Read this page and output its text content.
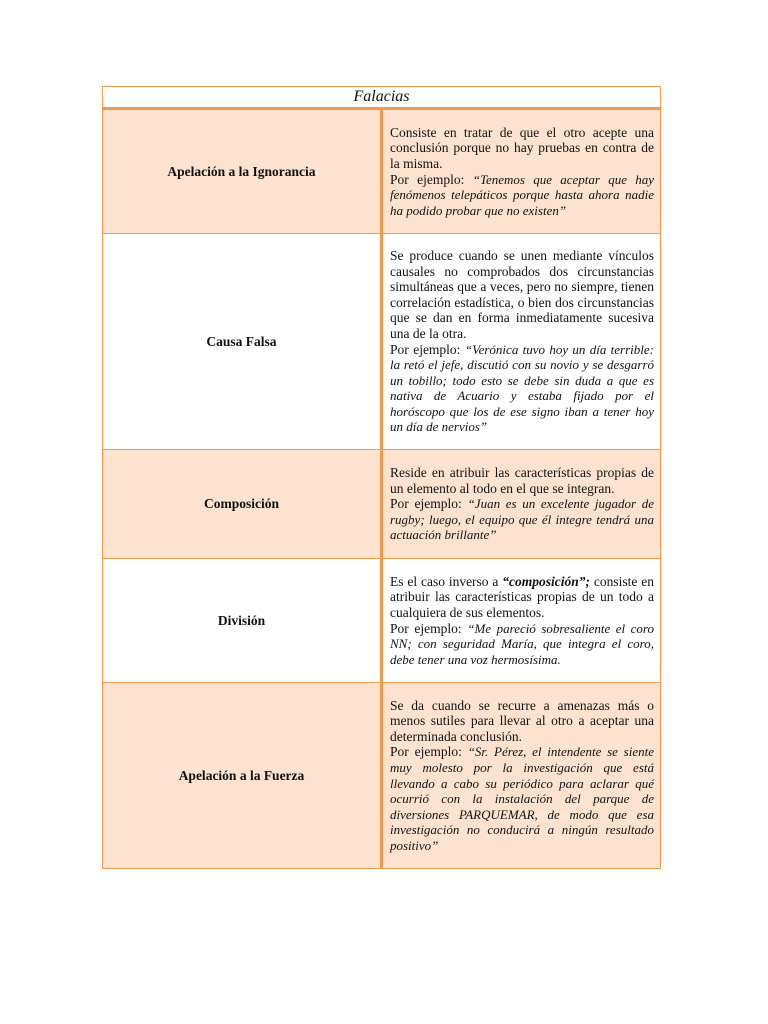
Falacias	
Apelación a la Ignorancia	Consiste en tratar de que el otro acepte una conclusión porque no hay pruebas en contra de la misma.
Por ejemplo: “Tenemos que aceptar que hay fenómenos telepáticos porque hasta ahora nadie ha podido probar que no existen”

Causa Falsa	Se produce cuando se unen mediante vínculos causales no comprobados dos circunstancias simultáneas que a veces, pero no siempre, tienen correlación estadística, o bien dos circunstancias que se dan en forma inmediatamente sucesiva una de la otra.
Por ejemplo: “Verónica tuvo hoy un día terrible: la retó el jefe, discutió con su novio y se desgarró un tobillo; todo esto se debe sin duda a que es nativa de Acuario y estaba fijado por el horóscopo que los de ese signo iban a tener hoy un día de nervios”

Composición	Reside en atribuir las características propias de un elemento al todo en el que se integran.
Por ejemplo: “Juan es un excelente jugador de rugby; luego, el equipo que él integre tendrá una actuación brillante”

División	Es el caso inverso a “composición”; consiste en atribuir las características propias de un todo a cualquiera de sus elementos.
Por ejemplo: “Me pareció sobresaliente el coro NN; con seguridad María, que integra el coro, debe tener una voz hermosísima.

Apelación a la Fuerza	Se da cuando se recurre a amenazas más o menos sutiles para llevar al otro a aceptar una determinada conclusión.
Por ejemplo: “Sr. Pérez, el intendente se siente muy molesto por la investigación que está llevando a cabo su periódico para aclarar qué ocurrió con la instalación del parque de diversiones PARQUEMAR, de modo que esa investigación no conducirá a ningún resultado positivo”
